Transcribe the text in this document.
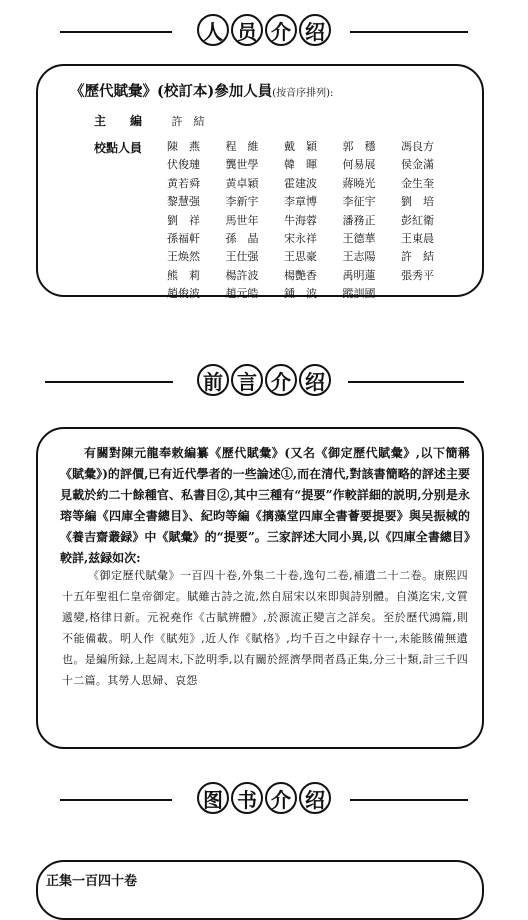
人 员 介 绍
《歷代賦彙》(校訂本)參加人員(按音序排列):
主　　編	許　結
校點人員 陳　燕	程　維	戴　穎	郭　穩	馮良方
伏俊璉	龔世學	韓　暉	何易展	侯金滿
黄若舜	黄卓穎	霍建波	蔣曉光	金生奎
黎慧强	李新宇	李章博	李征宇	劉　培
劉　祥	馬世年	牛海蓉	潘務正	彭紅衛
孫福軒	孫　晶	宋永祥	王德華	王東晨
王焕然	王仕强	王思豪	王志陽	許　結
熊　莉	楊許波	楊艷香	禹明蓮	張秀平
趙俊波	趙元皓	鍾　波	蹤訓國
前 言 介 绍
有關對陳元龍奉敕編纂《歷代賦彙》(又名《御定歷代賦彙》,以下簡稱《賦彙》)的評價,已有近代學者的一些論述①,而在清代,對該書簡略的評述主要見載於約二十餘種官、私書目②,其中三種有“提要”作較詳細的説明,分别是永瑢等編《四庫全書總目》、紀昀等編《摛藻堂四庫全書薈要提要》與吴振棫的《養吉齋叢録》中《賦彙》的“提要”。三家評述大同小異,以《四庫全書總目》較詳,兹録如次:
《御定歷代賦彙》一百四十卷,外集二十卷,逸句二卷,補遺二十二卷。康熙四十五年聖祖仁皇帝御定。賦雖古詩之流,然自屈宋以來即與詩别體。自漢迄宋,文質遞變,格律日新。元祝堯作《古賦辨體》,於源流正變言之詳矣。至於歷代鴻篇,則不能備載。明人作《賦苑》,近人作《賦格》,均千百之中録存十一,未能賅備無遺也。是編所録,上起周末,下訖明季,以有關於經濟學問者爲正集,分三十類,計三千四十二篇。其勞人思婦、哀怨
图 书 介 绍
正集一百四十卷
